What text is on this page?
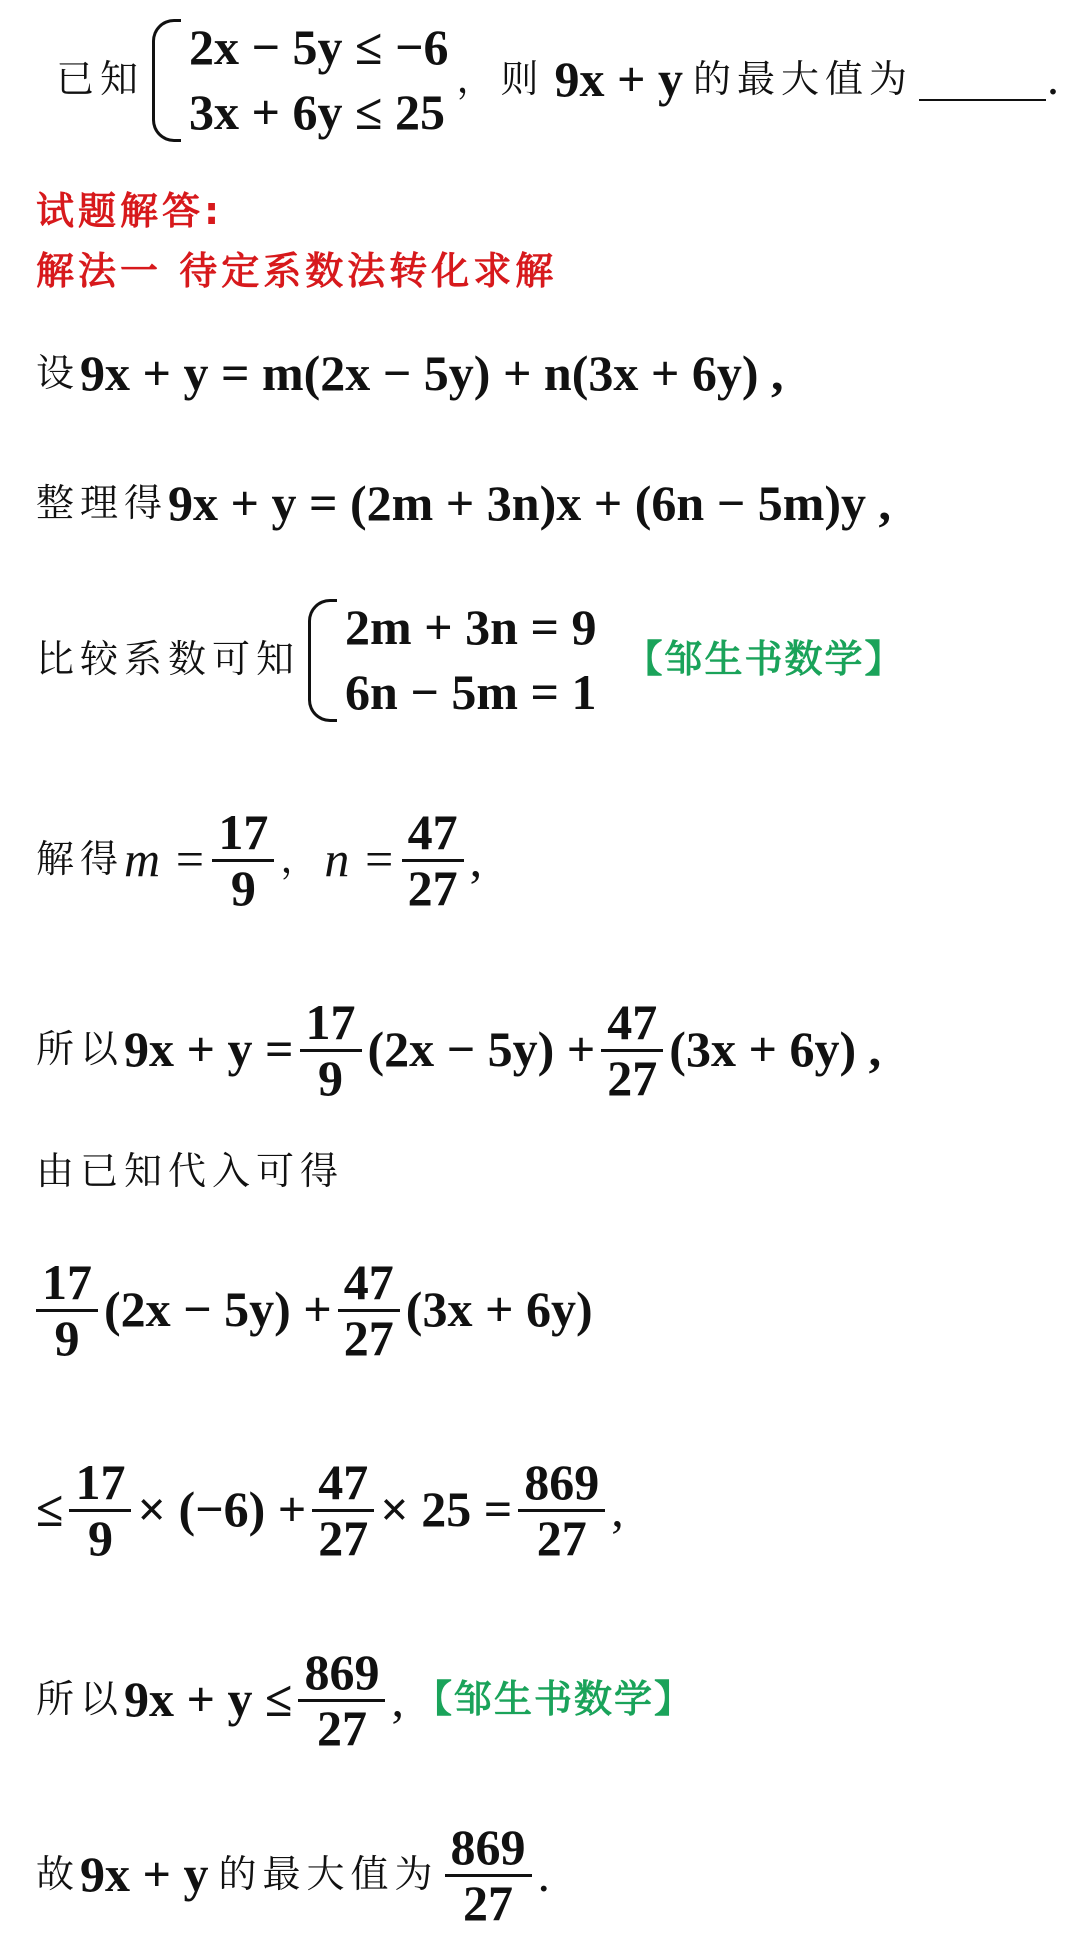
已知
2x − 5y ≤ −6
3x + 6y ≤ 25
，则 9x + y 的最大值为	.
试题解答:
解法一 待定系数法转化求解
设 9x + y = m(2x − 5y) + n(3x + 6y) ,
整理得 9x + y = (2m + 3n)x + (6n − 5m)y ,
比较系数可知
2m + 3n = 9
6n − 5m = 1
【邹生书数学】
解得 $m = \frac{17}{9}$ ， $n = \frac{47}{27}$ ,
所以 $9x + y = \frac{17}{9} (2x - 5y) + \frac{47}{27} (3x + 6y)$ ,
由已知代入可得
$\frac{17}{9} (2x - 5y) + \frac{47}{27} (3x + 6y)$
≤ $\frac{17}{9} \times (-6) + \frac{47}{27} \times 25 = \frac{869}{27}$ ,
所以 $9x + y \le \frac{869}{27}$ , 【邹生书数学】
故 9x + y 的最大值为 $\frac{869}{27}$ .
